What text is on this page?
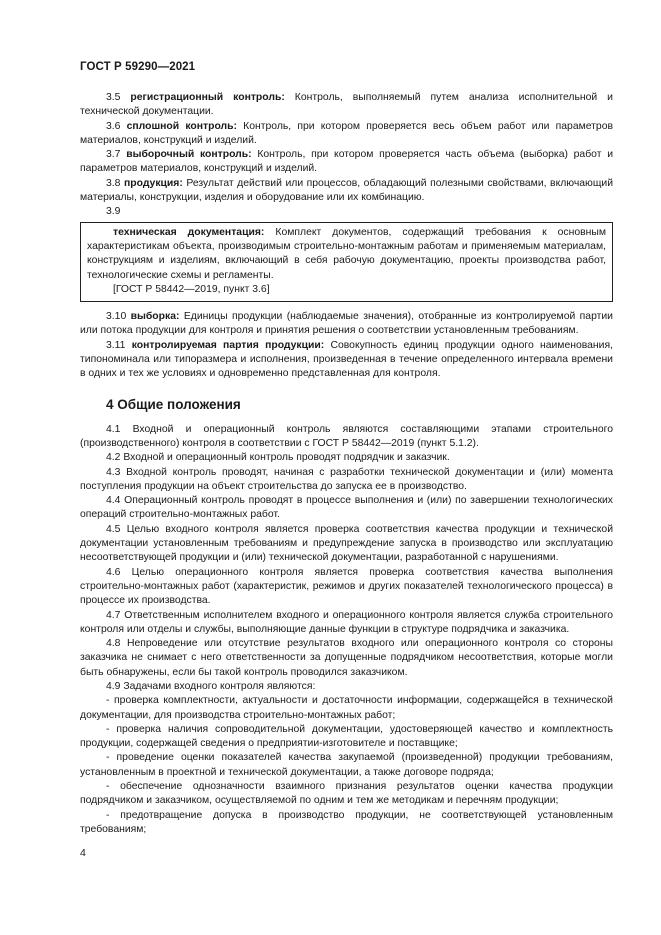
ГОСТ Р 59290—2021

3.5 регистрационный контроль: Контроль, выполняемый путем анализа исполнительной и технической документации.

3.6 сплошной контроль: Контроль, при котором проверяется весь объем работ или параметров материалов, конструкций и изделий.

3.7 выборочный контроль: Контроль, при котором проверяется часть объема (выборка) работ и параметров материалов, конструкций и изделий.

3.8 продукция: Результат действий или процессов, обладающий полезными свойствами, включающий материалы, конструкции, изделия и оборудование или их комбинацию.

3.9

техническая документация: Комплект документов, содержащий требования к основным характеристикам объекта, производимым строительно-монтажным работам и применяемым материалам, конструкциям и изделиям, включающий в себя рабочую документацию, проекты производства работ, технологические схемы и регламенты.

[ГОСТ Р 58442—2019, пункт 3.6]

3.10 выборка: Единицы продукции (наблюдаемые значения), отобранные из контролируемой партии или потока продукции для контроля и принятия решения о соответствии установленным требованиям.

3.11 контролируемая партия продукции: Совокупность единиц продукции одного наименования, типономинала или типоразмера и исполнения, произведенная в течение определенного интервала времени в одних и тех же условиях и одновременно представленная для контроля.

4 Общие положения

4.1 Входной и операционный контроль являются составляющими этапами строительного (производственного) контроля в соответствии с ГОСТ Р 58442—2019 (пункт 5.1.2).

4.2 Входной и операционный контроль проводят подрядчик и заказчик.

4.3 Входной контроль проводят, начиная с разработки технической документации и (или) момента поступления продукции на объект строительства до запуска ее в производство.

4.4 Операционный контроль проводят в процессе выполнения и (или) по завершении технологических операций строительно-монтажных работ.

4.5 Целью входного контроля является проверка соответствия качества продукции и технической документации установленным требованиям и предупреждение запуска в производство или эксплуатацию несоответствующей продукции и (или) технической документации, разработанной с нарушениями.

4.6 Целью операционного контроля является проверка соответствия качества выполнения строительно-монтажных работ (характеристик, режимов и других показателей технологического процесса) в процессе их производства.

4.7 Ответственным исполнителем входного и операционного контроля является служба строительного контроля или отделы и службы, выполняющие данные функции в структуре подрядчика и заказчика.

4.8 Непроведение или отсутствие результатов входного или операционного контроля со стороны заказчика не снимает с него ответственности за допущенные подрядчиком несоответствия, которые могли быть обнаружены, если бы такой контроль проводился заказчиком.

4.9 Задачами входного контроля являются:

- проверка комплектности, актуальности и достаточности информации, содержащейся в технической документации, для производства строительно-монтажных работ;

- проверка наличия сопроводительной документации, удостоверяющей качество и комплектность продукции, содержащей сведения о предприятии-изготовителе и поставщике;

- проведение оценки показателей качества закупаемой (произведенной) продукции требованиям, установленным в проектной и технической документации, а также договоре подряда;

- обеспечение однозначности взаимного признания результатов оценки качества продукции подрядчиком и заказчиком, осуществляемой по одним и тем же методикам и перечням продукции;

- предотвращение допуска в производство продукции, не соответствующей установленным требованиям;

4
